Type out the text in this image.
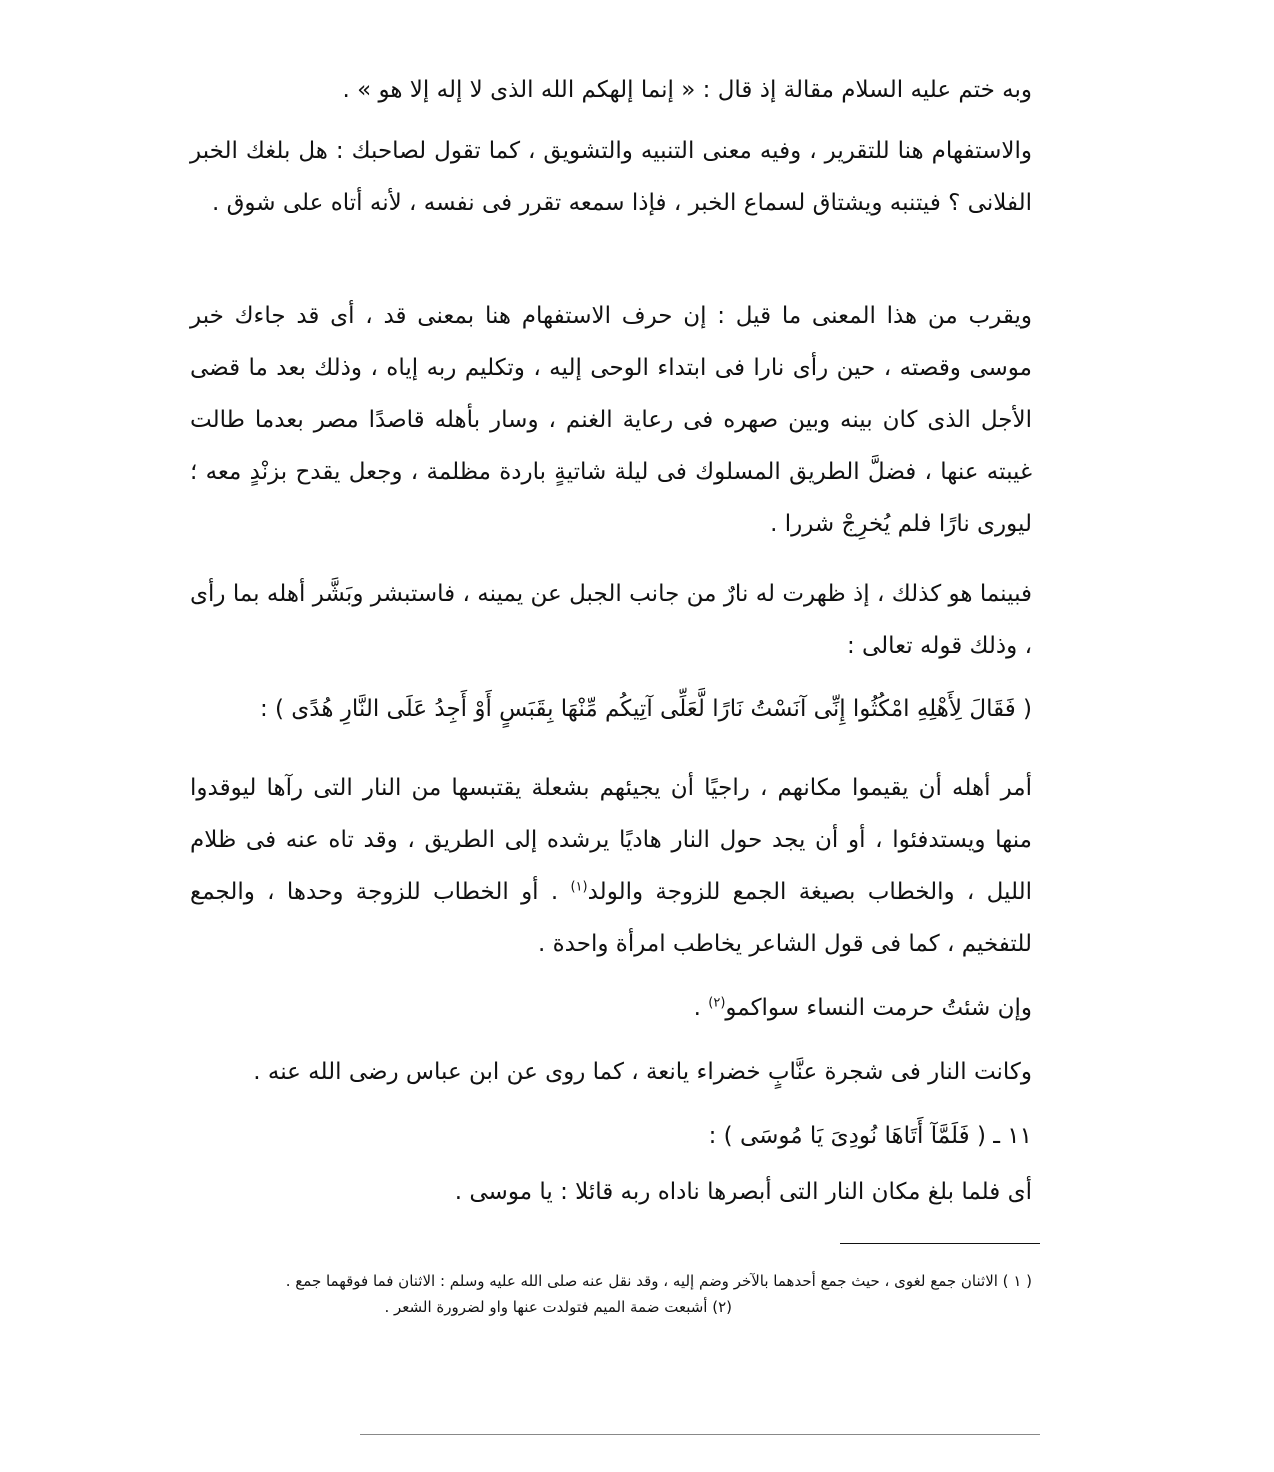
وبه ختم عليه السلام مقالة إذ قال : « إنما إلهكم الله الذى لا إله إلا هو » .

والاستفهام هنا للتقرير ، وفيه معنى التنبيه والتشويق ، كما تقول لصاحبك : هل بلغك الخبر الفلانى ؟ فيتنبه ويشتاق لسماع الخبر ، فإذا سمعه تقرر فى نفسه ، لأنه أتاه على شوق .

ويقرب من هذا المعنى ما قيل : إن حرف الاستفهام هنا بمعنى قد ، أى قد جاءك خبر موسى وقصته ، حين رأى نارا فى ابتداء الوحى إليه ، وتكليم ربه إياه ، وذلك بعد ما قضى الأجل الذى كان بينه وبين صهره فى رعاية الغنم ، وسار بأهله قاصدًا مصر بعدما طالت غيبته عنها ، فضلَّ الطريق المسلوك فى ليلة شاتيةٍ باردة مظلمة ، وجعل يقدح بزنْدٍ معه ؛ ليورى نارًا فلم يُخرِجْ شررا .

فبينما هو كذلك ، إذ ظهرت له نارٌ من جانب الجبل عن يمينه ، فاستبشر وبَشَّر أهله بما رأى ، وذلك قوله تعالى :

( فَقَالَ لِأَهْلِهِ امْكُثُوا إِنِّى آنَسْتُ نَارًا لَّعَلِّى آتِيكُم مِّنْهَا بِقَبَسٍ أَوْ أَجِدُ عَلَى النَّارِ هُدًى ) :

أمر أهله أن يقيموا مكانهم ، راجيًا أن يجيئهم بشعلة يقتبسها من النار التى رآها ليوقدوا منها ويستدفئوا ، أو أن يجد حول النار هاديًا يرشده إلى الطريق ، وقد تاه عنه فى ظلام الليل ، والخطاب بصيغة الجمع للزوجة والولد$^{(١)}$ . أو الخطاب للزوجة وحدها ، والجمع للتفخيم ، كما فى قول الشاعر يخاطب امرأة واحدة .

وإن شئتُ حرمت النساء سواكمو$^{(٢)}$ .

وكانت النار فى شجرة عنَّابٍ خضراء يانعة ، كما روى عن ابن عباس رضى الله عنه .

١١ ـ ( فَلَمَّآ أَتَاهَا نُودِىَ يَا مُوسَى ) :

أى فلما بلغ مكان النار التى أبصرها ناداه ربه قائلا : يا موسى .

( ١ ) الاثنان جمع لغوى ، حيث جمع أحدهما بالآخر وضم إليه ، وقد نقل عنه صلى الله عليه وسلم : الاثنان فما فوقهما جمع .

(٢) أشبعت ضمة الميم فتولدت عنها واو لضرورة الشعر .
